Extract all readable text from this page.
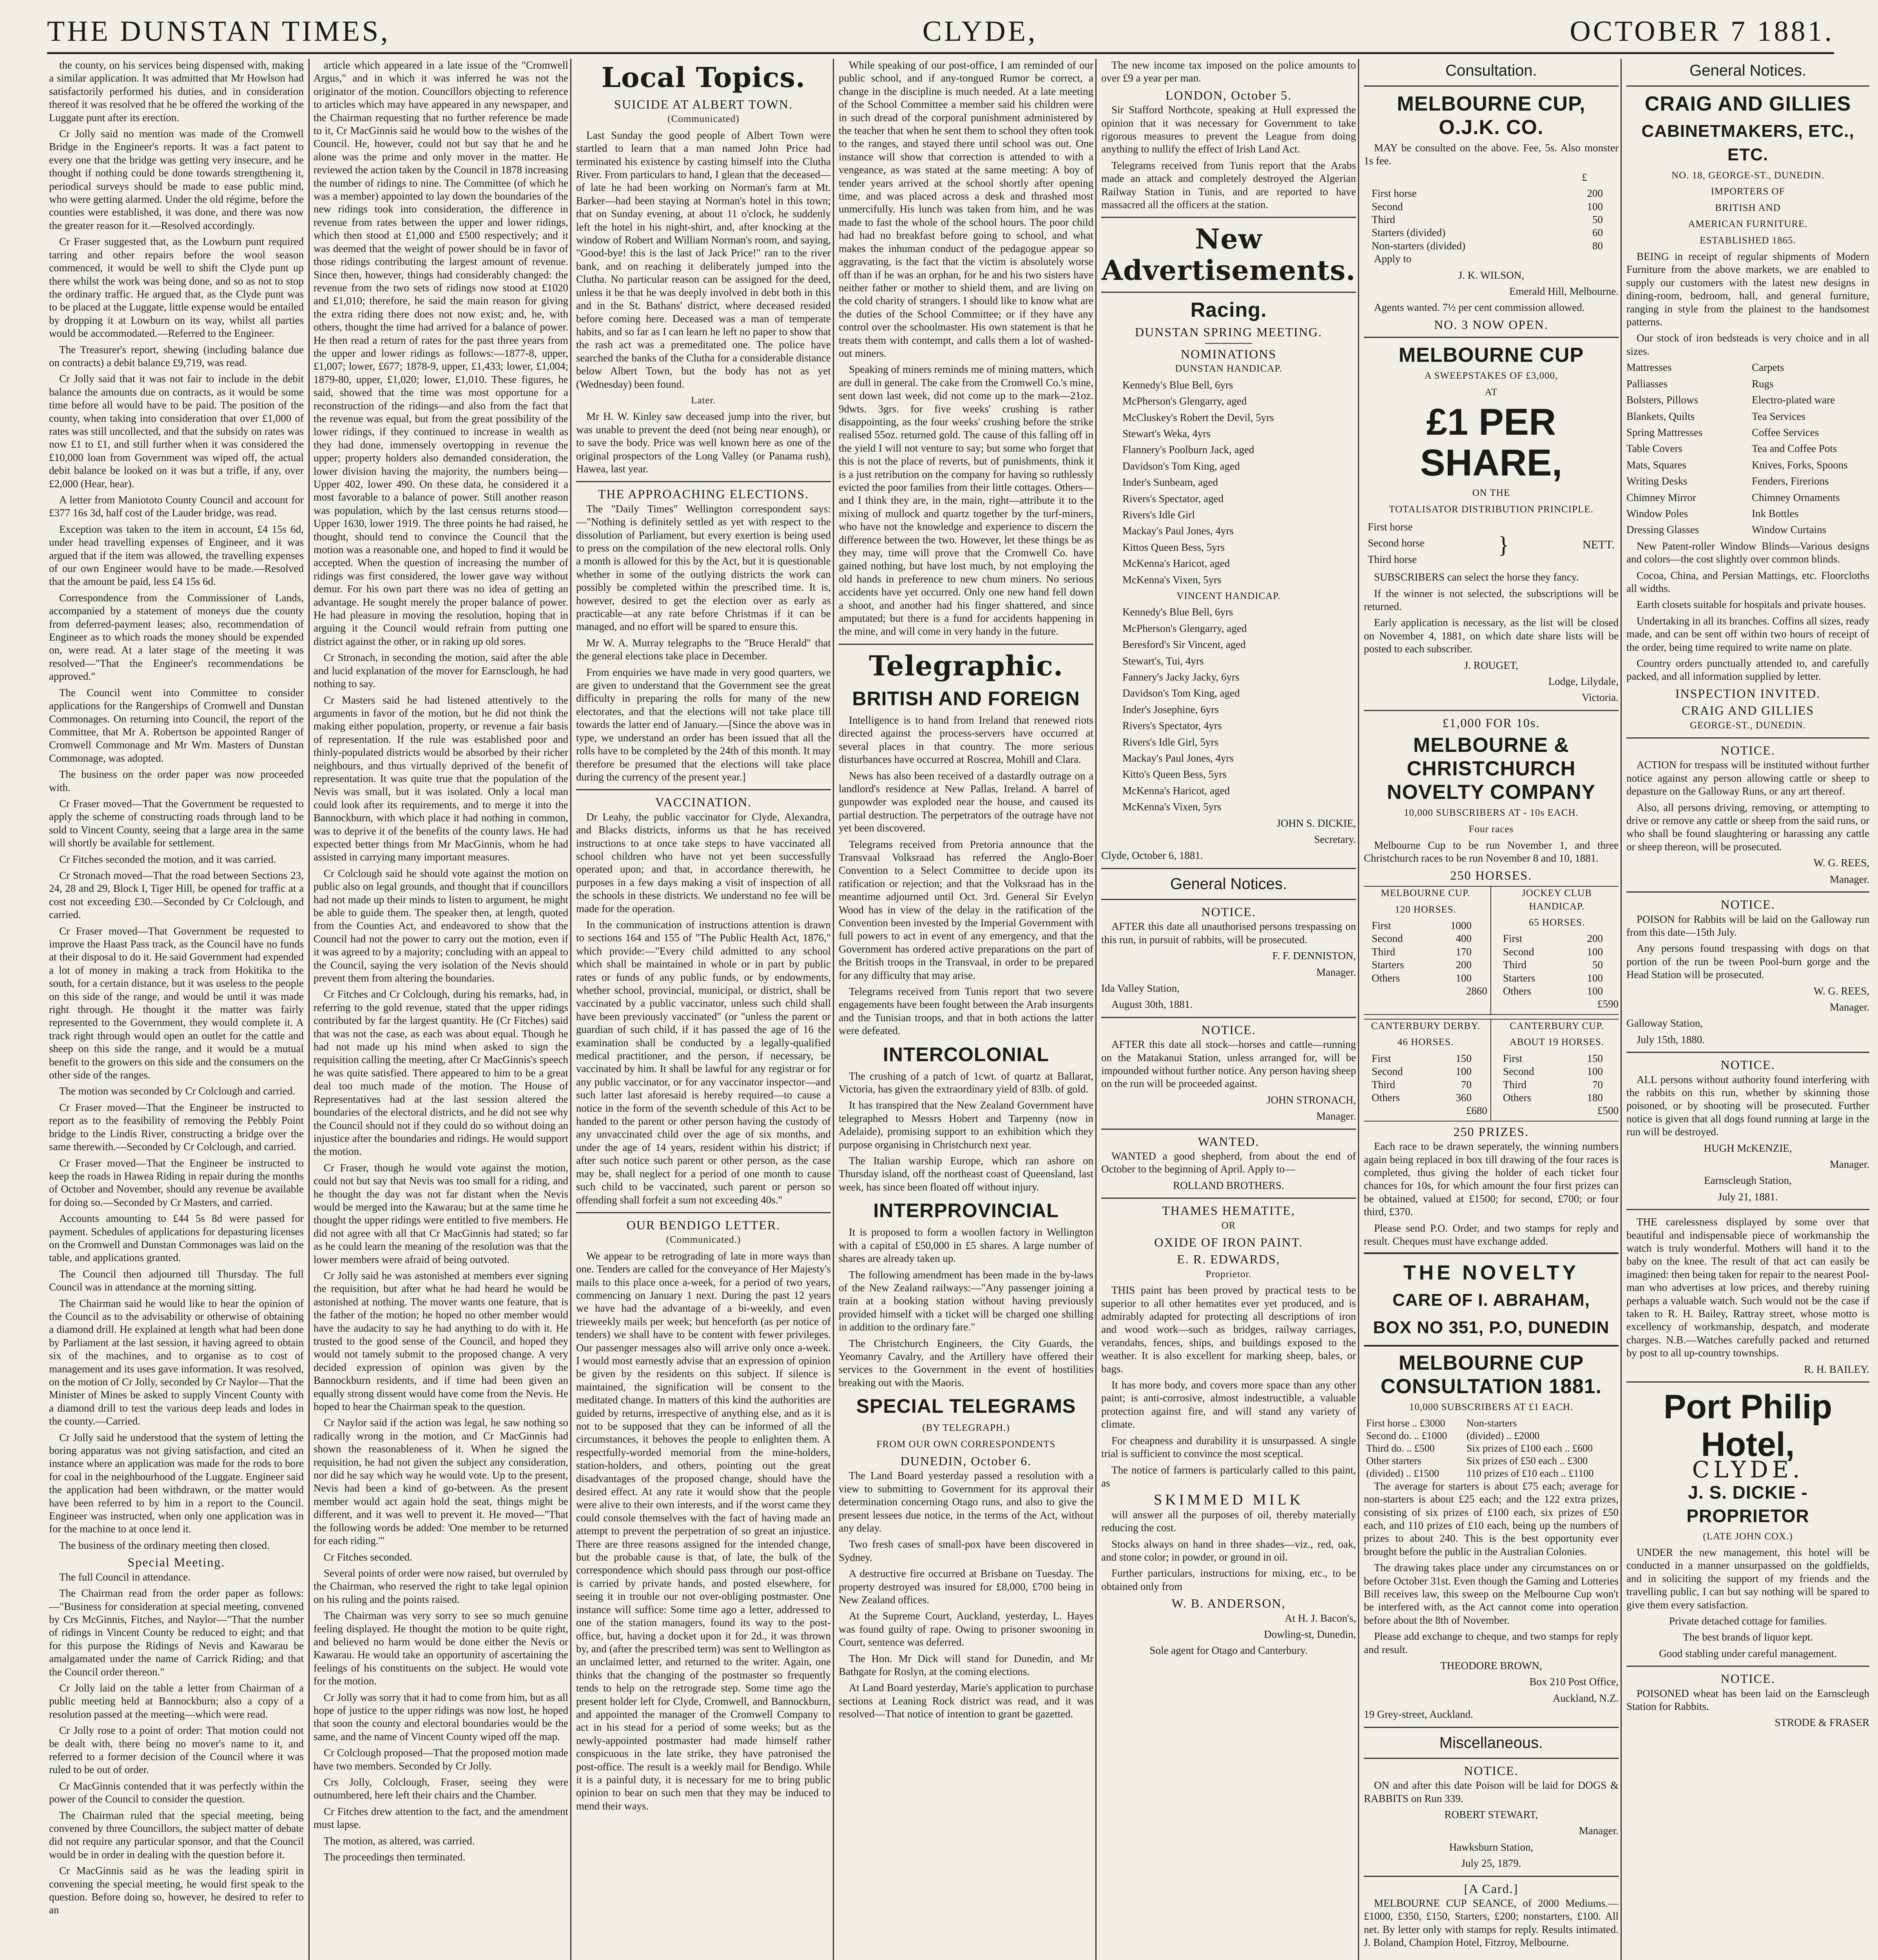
THE DUNSTAN TIMES,	CLYDE,	OCTOBER 7 1881.

the county, on his services being dispensed with, making a similar application. It was admitted that Mr Howlson had satisfactorily performed his duties, and in consideration thereof it was resolved that he be offered the working of the Luggate punt after its erection.

Cr Jolly said no mention was made of the Cromwell Bridge in the Engineer's reports. It was a fact patent to every one that the bridge was getting very insecure, and he thought if nothing could be done towards strengthening it, periodical surveys should be made to ease public mind, who were getting alarmed. Under the old régime, before the counties were established, it was done, and there was now the greater reason for it.—Resolved accordingly.

Cr Fraser suggested that, as the Lowburn punt required tarring and other repairs before the wool season commenced, it would be well to shift the Clyde punt up there whilst the work was being done, and so as not to stop the ordinary traffic. He argued that, as the Clyde punt was to be placed at the Luggate, little expense would be entailed by dropping it at Lowburn on its way, whilst all parties would be accommodated.—Referred to the Engineer.

The Treasurer's report, shewing (including balance due on contracts) a debit balance £9,719, was read.

Cr Jolly said that it was not fair to include in the debit balance the amounts due on contracts, as it would be some time before all would have to be paid. The position of the county, when taking into consideration that over £1,000 of rates was still uncollected, and that the subsidy on rates was now £1 to £1, and still further when it was considered the £10,000 loan from Government was wiped off, the actual debit balance be looked on it was but a trifle, if any, over £2,000 (Hear, hear).

A letter from Maniototo County Council and account for £377 16s 3d, half cost of the Lauder bridge, was read.

Exception was taken to the item in account, £4 15s 6d, under head travelling expenses of Engineer, and it was argued that if the item was allowed, the travelling expenses of our own Engineer would have to be made.—Resolved that the amount be paid, less £4 15s 6d.

Correspondence from the Commissioner of Lands, accompanied by a statement of moneys due the county from deferred-payment leases; also, recommendation of Engineer as to which roads the money should be expended on, were read. At a later stage of the meeting it was resolved—"That the Engineer's recommendations be approved."

The Council went into Committee to consider applications for the Rangerships of Cromwell and Dunstan Commonages. On returning into Council, the report of the Committee, that Mr A. Robertson be appointed Ranger of Cromwell Commonage and Mr Wm. Masters of Dunstan Commonage, was adopted.

The business on the order paper was now proceeded with.

Cr Fraser moved—That the Government be requested to apply the scheme of constructing roads through land to be sold to Vincent County, seeing that a large area in the same will shortly be available for settlement.

Cr Fitches seconded the motion, and it was carried.

Cr Stronach moved—That the road between Sections 23, 24, 28 and 29, Block I, Tiger Hill, be opened for traffic at a cost not exceeding £30.—Seconded by Cr Colclough, and carried.

Cr Fraser moved—That Government be requested to improve the Haast Pass track, as the Council have no funds at their disposal to do it. He said Government had expended a lot of money in making a track from Hokitika to the south, for a certain distance, but it was useless to the people on this side of the range, and would be until it was made right through. He thought it the matter was fairly represented to the Government, they would complete it. A track right through would open an outlet for the cattle and sheep on this side the range, and it would be a mutual benefit to the growers on this side and the consumers on the other side of the ranges.

The motion was seconded by Cr Colclough and carried.

Cr Fraser moved—That the Engineer be instructed to report as to the feasibility of removing the Pebbly Point bridge to the Lindis River, constructing a bridge over the same therewith.—Seconded by Cr Colclough, and carried.

Cr Fraser moved—That the Engineer be instructed to keep the roads in Hawea Riding in repair during the months of October and November, should any revenue be available for doing so.—Seconded by Cr Masters, and carried.

Accounts amounting to £44 5s 8d were passed for payment. Schedules of applications for depasturing licenses on the Cromwell and Dunstan Commonages was laid on the table, and applications granted.

The Council then adjourned till Thursday. The full Council was in attendance at the morning sitting.

The Chairman said he would like to hear the opinion of the Council as to the advisability or otherwise of obtaining a diamond drill. He explained at length what had been done by Parliament at the last session, it having agreed to obtain six of the machines, and to organise as to cost of management and its uses gave information. It was resolved, on the motion of Cr Jolly, seconded by Cr Naylor—That the Minister of Mines be asked to supply Vincent County with a diamond drill to test the various deep leads and lodes in the county.—Carried.

Cr Jolly said he understood that the system of letting the boring apparatus was not giving satisfaction, and cited an instance where an application was made for the rods to bore for coal in the neighbourhood of the Luggate. Engineer said the application had been withdrawn, or the matter would have been referred to by him in a report to the Council. Engineer was instructed, when only one application was in for the machine to at once lend it.

The business of the ordinary meeting then closed.

Special Meeting.

The full Council in attendance.

The Chairman read from the order paper as follows:—"Business for consideration at special meeting, convened by Crs McGinnis, Fitches, and Naylor—"That the number of ridings in Vincent County be reduced to eight; and that for this purpose the Ridings of Nevis and Kawarau be amalgamated under the name of Carrick Riding; and that the Council order thereon."

Cr Jolly laid on the table a letter from Chairman of a public meeting held at Bannockburn; also a copy of a resolution passed at the meeting—which were read.

Cr Jolly rose to a point of order: That motion could not be dealt with, there being no mover's name to it, and referred to a former decision of the Council where it was ruled to be out of order.

Cr MacGinnis contended that it was perfectly within the power of the Council to consider the question.

The Chairman ruled that the special meeting, being convened by three Councillors, the subject matter of debate did not require any particular sponsor, and that the Council would be in order in dealing with the question before it.

Cr MacGinnis said as he was the leading spirit in convening the special meeting, he would first speak to the question. Before doing so, however, he desired to refer to an

article which appeared in a late issue of the "Cromwell Argus," and in which it was inferred he was not the originator of the motion. Councillors objecting to reference to articles which may have appeared in any newspaper, and the Chairman requesting that no further reference be made to it, Cr MacGinnis said he would bow to the wishes of the Council. He, however, could not but say that he and he alone was the prime and only mover in the matter. He reviewed the action taken by the Council in 1878 increasing the number of ridings to nine. The Committee (of which he was a member) appointed to lay down the boundaries of the new ridings took into consideration, the difference in revenue from rates between the upper and lower ridings, which then stood at £1,000 and £500 respectively; and it was deemed that the weight of power should be in favor of those ridings contributing the largest amount of revenue. Since then, however, things had considerably changed: the revenue from the two sets of ridings now stood at £1020 and £1,010; therefore, he said the main reason for giving the extra riding there does not now exist; and, he, with others, thought the time had arrived for a balance of power. He then read a return of rates for the past three years from the upper and lower ridings as follows:—1877-8, upper, £1,007; lower, £677; 1878-9, upper, £1,433; lower, £1,004; 1879-80, upper, £1,020; lower, £1,010. These figures, he said, showed that the time was most opportune for a reconstruction of the ridings—and also from the fact that the revenue was equal, but from the great possibility of the lower ridings, if they continued to increase in wealth as they had done, immensely overtopping in revenue the upper; property holders also demanded consideration, the lower division having the majority, the numbers being—Upper 402, lower 490. On these data, he considered it a most favorable to a balance of power. Still another reason was population, which by the last census returns stood—Upper 1630, lower 1919. The three points he had raised, he thought, should tend to convince the Council that the motion was a reasonable one, and hoped to find it would be accepted. When the question of increasing the number of ridings was first considered, the lower gave way without demur. For his own part there was no idea of getting an advantage. He sought merely the proper balance of power. He had pleasure in moving the resolution, hoping that in arguing it the Council would refrain from putting one district against the other, or in raking up old sores.

Cr Stronach, in seconding the motion, said after the able and lucid explanation of the mover for Earnsclough, he had nothing to say.

Cr Masters said he had listened attentively to the arguments in favor of the motion, but he did not think the making either population, property, or revenue a fair basis of representation. If the rule was established poor and thinly-populated districts would be absorbed by their richer neighbours, and thus virtually deprived of the benefit of representation. It was quite true that the population of the Nevis was small, but it was isolated. Only a local man could look after its requirements, and to merge it into the Bannockburn, with which place it had nothing in common, was to deprive it of the benefits of the county laws. He had expected better things from Mr MacGinnis, whom he had assisted in carrying many important measures.

Cr Colclough said he should vote against the motion on public also on legal grounds, and thought that if councillors had not made up their minds to listen to argument, he might be able to guide them. The speaker then, at length, quoted from the Counties Act, and endeavored to show that the Council had not the power to carry out the motion, even if it was agreed to by a majority; concluding with an appeal to the Council, saying the very isolation of the Nevis should prevent them from altering the boundaries.

Cr Fitches and Cr Colclough, during his remarks, had, in referring to the gold revenue, stated that the upper ridings contributed by far the largest quantity. He (Cr Fitches) said that was not the case, as each was about equal. Though he had not made up his mind when asked to sign the requisition calling the meeting, after Cr MacGinnis's speech he was quite satisfied. There appeared to him to be a great deal too much made of the motion. The House of Representatives had at the last session altered the boundaries of the electoral districts, and he did not see why the Council should not if they could do so without doing an injustice after the boundaries and ridings. He would support the motion.

Cr Fraser, though he would vote against the motion, could not but say that Nevis was too small for a riding, and he thought the day was not far distant when the Nevis would be merged into the Kawarau; but at the same time he thought the upper ridings were entitled to five members. He did not agree with all that Cr MacGinnis had stated; so far as he could learn the meaning of the resolution was that the lower members were afraid of being outvoted.

Cr Jolly said he was astonished at members ever signing the requisition, but after what he had heard he would be astonished at nothing. The mover wants one feature, that is the father of the motion; he hoped no other member would have the audacity to say he had anything to do with it. He trusted to the good sense of the Council, and hoped they would not tamely submit to the proposed change. A very decided expression of opinion was given by the Bannockburn residents, and if time had been given an equally strong dissent would have come from the Nevis. He hoped to hear the Chairman speak to the question.

Cr Naylor said if the action was legal, he saw nothing so radically wrong in the motion, and Cr MacGinnis had shown the reasonableness of it. When he signed the requisition, he had not given the subject any consideration, nor did he say which way he would vote. Up to the present, Nevis had been a kind of go-between. As the present member would act again hold the seat, things might be different, and it was well to prevent it. He moved—"That the following words be added: 'One member to be returned for each riding.'"

Cr Fitches seconded.

Several points of order were now raised, but overruled by the Chairman, who reserved the right to take legal opinion on his ruling and the points raised.

The Chairman was very sorry to see so much genuine feeling displayed. He thought the motion to be quite right, and believed no harm would be done either the Nevis or Kawarau. He would take an opportunity of ascertaining the feelings of his constituents on the subject. He would vote for the motion.

Cr Jolly was sorry that it had to come from him, but as all hope of justice to the upper ridings was now lost, he hoped that soon the county and electoral boundaries would be the same, and the name of Vincent County wiped off the map.

Cr Colclough proposed—That the proposed motion made have two members. Seconded by Cr Jolly.

Crs Jolly, Colclough, Fraser, seeing they were outnumbered, here left their chairs and the Chamber.

Cr Fitches drew attention to the fact, and the amendment must lapse.

The motion, as altered, was carried.

The proceedings then terminated.

Local Topics.
SUICIDE AT ALBERT TOWN.
(Communicated)

Last Sunday the good people of Albert Town were startled to learn that a man named John Price had terminated his existence by casting himself into the Clutha River. From particulars to hand, I glean that the deceased—of late he had been working on Norman's farm at Mt. Barker—had been staying at Norman's hotel in this town; that on Sunday evening, at about 11 o'clock, he suddenly left the hotel in his night-shirt, and, after knocking at the window of Robert and William Norman's room, and saying, "Good-bye! this is the last of Jack Price!" ran to the river bank, and on reaching it deliberately jumped into the Clutha. No particular reason can be assigned for the deed, unless it be that he was deeply involved in debt both in this and in the St. Bathans' district, where deceased resided before coming here. Deceased was a man of temperate habits, and so far as I can learn he left no paper to show that the rash act was a premeditated one. The police have searched the banks of the Clutha for a considerable distance below Albert Town, but the body has not as yet (Wednesday) been found.

Later.

Mr H. W. Kinley saw deceased jump into the river, but was unable to prevent the deed (not being near enough), or to save the body. Price was well known here as one of the original prospectors of the Long Valley (or Panama rush), Hawea, last year.

THE APPROACHING ELECTIONS.

The "Daily Times" Wellington correspondent says:—"Nothing is definitely settled as yet with respect to the dissolution of Parliament, but every exertion is being used to press on the compilation of the new electoral rolls. Only a month is allowed for this by the Act, but it is questionable whether in some of the outlying districts the work can possibly be completed within the prescribed time. It is, however, desired to get the election over as early as practicable—at any rate before Christmas if it can be managed, and no effort will be spared to ensure this.

Mr W. A. Murray telegraphs to the "Bruce Herald" that the general elections take place in December.

From enquiries we have made in very good quarters, we are given to understand that the Government see the great difficulty in preparing the rolls for many of the new electorates, and that the elections will not take place till towards the latter end of January.—[Since the above was in type, we understand an order has been issued that all the rolls have to be completed by the 24th of this month. It may therefore be presumed that the elections will take place during the currency of the present year.]

VACCINATION.

Dr Leahy, the public vaccinator for Clyde, Alexandra, and Blacks districts, informs us that he has received instructions to at once take steps to have vaccinated all school children who have not yet been successfully operated upon; and that, in accordance therewith, he purposes in a few days making a visit of inspection of all the schools in these districts. We understand no fee will be made for the operation.

In the communication of instructions attention is drawn to sections 164 and 155 of "The Public Health Act, 1876," which provide:—"Every child admitted to any school which shall be maintained in whole or in part by public rates or funds of any public funds, or by endowments, whether school, provincial, municipal, or district, shall be vaccinated by a public vaccinator, unless such child shall have been previously vaccinated" (or "unless the parent or guardian of such child, if it has passed the age of 16 the examination shall be conducted by a legally-qualified medical practitioner, and the person, if necessary, be vaccinated by him. It shall be lawful for any registrar or for any public vaccinator, or for any vaccinator inspector—and such latter last aforesaid is hereby required—to cause a notice in the form of the seventh schedule of this Act to be handed to the parent or other person having the custody of any unvaccinated child over the age of six months, and under the age of 14 years, resident within his district; if after such notice such parent or other person, as the case may be, shall neglect for a period of one month to cause such child to be vaccinated, such parent or person so offending shall forfeit a sum not exceeding 40s."

OUR BENDIGO LETTER.
(Communicated.)

We appear to be retrograding of late in more ways than one. Tenders are called for the conveyance of Her Majesty's mails to this place once a-week, for a period of two years, commencing on January 1 next. During the past 12 years we have had the advantage of a bi-weekly, and even trieweekly mails per week; but henceforth (as per notice of tenders) we shall have to be content with fewer privileges. Our passenger messages also will arrive only once a-week. I would most earnestly advise that an expression of opinion be given by the residents on this subject. If silence is maintained, the signification will be consent to the meditated change. In matters of this kind the authorities are guided by returns, irrespective of anything else, and as it is not to be supposed that they can be informed of all the circumstances, it behoves the people to enlighten them. A respectfully-worded memorial from the mine-holders, station-holders, and others, pointing out the great disadvantages of the proposed change, should have the desired effect. At any rate it would show that the people were alive to their own interests, and if the worst came they could console themselves with the fact of having made an attempt to prevent the perpetration of so great an injustice. There are three reasons assigned for the intended change, but the probable cause is that, of late, the bulk of the correspondence which should pass through our post-office is carried by private hands, and posted elsewhere, for seeing it in trouble our not over-obliging postmaster. One instance will suffice: Some time ago a letter, addressed to one of the station managers, found its way to the post-office, but, having a docket upon it for 2d., it was thrown by, and (after the prescribed term) was sent to Wellington as an unclaimed letter, and returned to the writer. Again, one thinks that the changing of the postmaster so frequently tends to help on the retrograde step. Some time ago the present holder left for Clyde, Cromwell, and Bannockburn, and appointed the manager of the Cromwell Company to act in his stead for a period of some weeks; but as the newly-appointed postmaster had made himself rather conspicuous in the late strike, they have patronised the post-office. The result is a weekly mail for Bendigo. While it is a painful duty, it is necessary for me to bring public opinion to bear on such men that they may be induced to mend their ways.

While speaking of our post-office, I am reminded of our public school, and if any-tongued Rumor be correct, a change in the discipline is much needed. At a late meeting of the School Committee a member said his children were in such dread of the corporal punishment administered by the teacher that when he sent them to school they often took to the ranges, and stayed there until school was out. One instance will show that correction is attended to with a vengeance, as was stated at the same meeting: A boy of tender years arrived at the school shortly after opening time, and was placed across a desk and thrashed most unmercifully. His lunch was taken from him, and he was made to fast the whole of the school hours. The poor child had had no breakfast before going to school, and what makes the inhuman conduct of the pedagogue appear so aggravating, is the fact that the victim is absolutely worse off than if he was an orphan, for he and his two sisters have neither father or mother to shield them, and are living on the cold charity of strangers. I should like to know what are the duties of the School Committee; or if they have any control over the schoolmaster. His own statement is that he treats them with contempt, and calls them a lot of washed-out miners.

Speaking of miners reminds me of mining matters, which are dull in general. The cake from the Cromwell Co.'s mine, sent down last week, did not come up to the mark—21oz. 9dwts. 3grs. for five weeks' crushing is rather disappointing, as the four weeks' crushing before the strike realised 55oz. returned gold. The cause of this falling off in the yield I will not venture to say; but some who forget that this is not the place of reverts, but of punishments, think it is a just retribution on the company for having so ruthlessly evicted the poor families from their little cottages. Others—and I think they are, in the main, right—attribute it to the mixing of mullock and quartz together by the turf-miners, who have not the knowledge and experience to discern the difference between the two. However, let these things be as they may, time will prove that the Cromwell Co. have gained nothing, but have lost much, by not employing the old hands in preference to new chum miners. No serious accidents have yet occurred. Only one new hand fell down a shoot, and another had his finger shattered, and since amputated; but there is a fund for accidents happening in the mine, and will come in very handy in the future.

Telegraphic.
BRITISH AND FOREIGN

Intelligence is to hand from Ireland that renewed riots directed against the process-servers have occurred at several places in that country. The more serious disturbances have occurred at Roscrea, Mohill and Clara.

News has also been received of a dastardly outrage on a landlord's residence at New Pallas, Ireland. A barrel of gunpowder was exploded near the house, and caused its partial destruction. The perpetrators of the outrage have not yet been discovered.

Telegrams received from Pretoria announce that the Transvaal Volksraad has referred the Anglo-Boer Convention to a Select Committee to decide upon its ratification or rejection; and that the Volksraad has in the meantime adjourned until Oct. 3rd. General Sir Evelyn Wood has in view of the delay in the ratification of the Convention been invested by the Imperial Government with full powers to act in event of any emergency, and that the Government has ordered active preparations on the part of the British troops in the Transvaal, in order to be prepared for any difficulty that may arise.

Telegrams received from Tunis report that two severe engagements have been fought between the Arab insurgents and the Tunisian troops, and that in both actions the latter were defeated.

INTERCOLONIAL

The crushing of a patch of 1cwt. of quartz at Ballarat, Victoria, has given the extraordinary yield of 83lb. of gold.

It has transpired that the New Zealand Government have telegraphed to Messrs Hobert and Tarpenny (now in Adelaide), promising support to an exhibition which they purpose organising in Christchurch next year.

The Italian warship Europe, which ran ashore on Thursday island, off the northeast coast of Queensland, last week, has since been floated off without injury.

INTERPROVINCIAL

It is proposed to form a woollen factory in Wellington with a capital of £50,000 in £5 shares. A large number of shares are already taken up.

The following amendment has been made in the by-laws of the New Zealand railways:—"Any passenger joining a train at a booking station without having previously provided himself with a ticket will be charged one shilling in addition to the ordinary fare."

The Christchurch Engineers, the City Guards, the Yeomanry Cavalry, and the Artillery have offered their services to the Government in the event of hostilities breaking out with the Maoris.

SPECIAL TELEGRAMS
(BY TELEGRAPH.)
FROM OUR OWN CORRESPONDENTS
DUNEDIN, October 6.

The Land Board yesterday passed a resolution with a view to submitting to Government for its approval their determination concerning Otago runs, and also to give the present lessees due notice, in the terms of the Act, without any delay.

Two fresh cases of small-pox have been discovered in Sydney.

A destructive fire occurred at Brisbane on Tuesday. The property destroyed was insured for £8,000, £700 being in New Zealand offices.

At the Supreme Court, Auckland, yesterday, L. Hayes was found guilty of rape. Owing to prisoner swooning in Court, sentence was deferred.

The Hon. Mr Dick will stand for Dunedin, and Mr Bathgate for Roslyn, at the coming elections.

At Land Board yesterday, Marie's application to purchase sections at Leaning Rock district was read, and it was resolved—That notice of intention to grant be gazetted.

The new income tax imposed on the police amounts to over £9 a year per man.

LONDON, October 5.

Sir Stafford Northcote, speaking at Hull expressed the opinion that it was necessary for Government to take rigorous measures to prevent the League from doing anything to nullify the effect of Irish Land Act.

Telegrams received from Tunis report that the Arabs made an attack and completely destroyed the Algerian Railway Station in Tunis, and are reported to have massacred all the officers at the station.

New Advertisements.
Racing.
DUNSTAN SPRING MEETING.
NOMINATIONS
DUNSTAN HANDICAP.

Kennedy's Blue Bell, 6yrs

McPherson's Glengarry, aged

McCluskey's Robert the Devil, 5yrs

Stewart's Weka, 4yrs

Flannery's Poolburn Jack, aged

Davidson's Tom King, aged

Inder's Sunbeam, aged

Rivers's Spectator, aged

Rivers's Idle Girl

Mackay's Paul Jones, 4yrs

Kittos Queen Bess, 5yrs

McKenna's Haricot, aged

McKenna's Vixen, 5yrs

VINCENT HANDICAP.

Kennedy's Blue Bell, 6yrs

McPherson's Glengarry, aged

Beresford's Sir Vincent, aged

Stewart's, Tui, 4yrs

Fannery's Jacky Jacky, 6yrs

Davidson's Tom King, aged

Inder's Josephine, 6yrs

Rivers's Spectator, 4yrs

Rivers's Idle Girl, 5yrs

Mackay's Paul Jones, 4yrs

Kitto's Queen Bess, 5yrs

McKenna's Haricot, aged

McKenna's Vixen, 5yrs

JOHN S. DICKIE,

Secretary.

Clyde, October 6, 1881.

General Notices.
NOTICE.

AFTER this date all unauthorised persons trespassing on this run, in pursuit of rabbits, will be prosecuted.

F. F. DENNISTON,

Manager.

Ida Valley Station,

August 30th, 1881.

NOTICE.

AFTER this date all stock—horses and cattle—running on the Matakanui Station, unless arranged for, will be impounded without further notice. Any person having sheep on the run will be proceeded against.

JOHN STRONACH,

Manager.

WANTED.

WANTED a good shepherd, from about the end of October to the beginning of April. Apply to—

ROLLAND BROTHERS.

THAMES HEMATITE,
OR
OXIDE OF IRON PAINT.
E. R. EDWARDS,
Proprietor.

THIS paint has been proved by practical tests to be superior to all other hematites ever yet produced, and is admirably adapted for protecting all descriptions of iron and wood work—such as bridges, railway carriages, verandahs, fences, ships, and buildings exposed to the weather. It is also excellent for marking sheep, bales, or bags.

It has more body, and covers more space than any other paint; is anti-corrosive, almost indestructible, a valuable protection against fire, and will stand any variety of climate.

For cheapness and durability it is unsurpassed. A single trial is sufficient to convince the most sceptical.

The notice of farmers is particularly called to this paint, as

SKIMMED MILK

will answer all the purposes of oil, thereby materially reducing the cost.

Stocks always on hand in three shades—viz., red, oak, and stone color; in powder, or ground in oil.

Further particulars, instructions for mixing, etc., to be obtained only from

W. B. ANDERSON,

At H. J. Bacon's,

Dowling-st, Dunedin,

Sole agent for Otago and Canterbury.

Consultation.
MELBOURNE CUP, O.J.K. CO.

MAY be consulted on the above. Fee, 5s. Also monster 1s fee.

£

First horse	200
Second	100
Third	50
Starters (divided)	60
Non-starters (divided)	80

Apply to

J. K. WILSON,

Emerald Hill, Melbourne.

Agents wanted. 7½ per cent commission allowed.

NO. 3 NOW OPEN.
MELBOURNE CUP
A SWEEPSTAKES OF £3,000,
AT
£1 PER SHARE,
ON THE
TOTALISATOR DISTRIBUTION PRINCIPLE.

First horse

Second horse

Third horse

}	NETT.

SUBSCRIBERS can select the horse they fancy.

If the winner is not selected, the subscriptions will be returned.

Early application is necessary, as the list will be closed on November 4, 1881, on which date share lists will be posted to each subscriber.

J. ROUGET,

Lodge, Lilydale,

Victoria.

£1,000 FOR 10s.
MELBOURNE & CHRISTCHURCH NOVELTY COMPANY
10,000 SUBSCRIBERS AT - 10s EACH.
Four races

Melbourne Cup to be run November 1, and three Christchurch races to be run November 8 and 10, 1881.

250 HORSES.
MELBOURNE CUP.
120 HORSES.
First	1000
Second	400
Third	170
Starters	200
Others	100

2860

JOCKEY CLUB HANDICAP.
65 HORSES.
First	200
Second	100
Third	50
Starters	100
Others	100

£590

CANTERBURY DERBY.
46 HORSES.
First	150
Second	100
Third	70
Others	360

£680

CANTERBURY CUP.
ABOUT 19 HORSES.
First	150
Second	100
Third	70
Others	180

£500

250 PRIZES.

Each race to be drawn seperately, the winning numbers again being replaced in box till drawing of the four races is completed, thus giving the holder of each ticket four chances for 10s, for which amount the four first prizes can be obtained, valued at £1500; for second, £700; or four third, £370.

Please send P.O. Order, and two stamps for reply and result. Cheques must have exchange added.

THE NOVELTY
CARE OF I. ABRAHAM,
BOX NO 351, P.O, DUNEDIN
MELBOURNE CUP CONSULTATION 1881.
10,000 SUBSCRIBERS AT £1 EACH.
First horse .. £3000	Non-starters
Second do. .. £1000	(divided) .. £2000
Third do. .. £500	Six prizes of £100 each .. £600
Other starters	Six prizes of £50 each .. £300
(divided) .. £1500	110 prizes of £10 each .. £1100

The average for starters is about £75 each; average for non-starters is about £25 each; and the 122 extra prizes, consisting of six prizes of £100 each, six prizes of £50 each, and 110 prizes of £10 each, being up the numbers of prizes to about 240. This is the best opportunity ever brought before the public in the Australian Colonies.

The drawing takes place under any circumstances on or before October 31st. Even though the Gaming and Lotteries Bill receives law, this sweep on the Melbourne Cup won't be interfered with, as the Act cannot come into operation before about the 8th of November.

Please add exchange to cheque, and two stamps for reply and result.

THEODORE BROWN,

Box 210 Post Office,

Auckland, N.Z.

19 Grey-street, Auckland.

Miscellaneous.
NOTICE.

ON and after this date Poison will be laid for DOGS & RABBITS on Run 339.

ROBERT STEWART,

Manager.

Hawksburn Station,

July 25, 1879.

[A Card.]

MELBOURNE CUP SEANCE, of 2000 Mediums.—£1000, £350, £150, Starters, £200; nonstarters, £100. All net. By letter only with stamps for reply. Results intimated. J. Boland, Champion Hotel, Fitzroy, Melbourne.

General Notices.
CRAIG AND GILLIES
CABINETMAKERS, ETC., ETC.
NO. 18, GEORGE-ST., DUNEDIN.
IMPORTERS OF
BRITISH AND
AMERICAN FURNITURE.
ESTABLISHED 1865.

BEING in receipt of regular shipments of Modern Furniture from the above markets, we are enabled to supply our customers with the latest new designs in dining-room, bedroom, hall, and general furniture, ranging in style from the plainest to the handsomest patterns.

Our stock of iron bedsteads is very choice and in all sizes.

Mattresses

Palliasses

Bolsters, Pillows

Blankets, Quilts

Spring Mattresses

Table Covers

Mats, Squares

Writing Desks

Chimney Mirror

Window Poles

Dressing Glasses

Carpets

Rugs

Electro-plated ware

Tea Services

Coffee Services

Tea and Coffee Pots

Knives, Forks, Spoons

Fenders, Firerions

Chimney Ornaments

Ink Bottles

Window Curtains

New Patent-roller Window Blinds—Various designs and colors—the cost slightly over common blinds.

Cocoa, China, and Persian Mattings, etc. Floorcloths all widths.

Earth closets suitable for hospitals and private houses.

Undertaking in all its branches. Coffins all sizes, ready made, and can be sent off within two hours of receipt of the order, being time required to write name on plate.

Country orders punctually attended to, and carefully packed, and all information supplied by letter.

INSPECTION INVITED.
CRAIG AND GILLIES
GEORGE-ST., DUNEDIN.
NOTICE.

ACTION for trespass will be instituted without further notice against any person allowing cattle or sheep to depasture on the Galloway Runs, or any art thereof.

Also, all persons driving, removing, or attempting to drive or remove any cattle or sheep from the said runs, or who shall be found slaughtering or harassing any cattle or sheep thereon, will be prosecuted.

W. G. REES,

Manager.

NOTICE.

POISON for Rabbits will be laid on the Galloway run from this date—15th July.

Any persons found trespassing with dogs on that portion of the run be tween Pool-burn gorge and the Head Station will be prosecuted.

W. G. REES,

Manager.

Galloway Station,

July 15th, 1880.

NOTICE.

ALL persons without authority found interfering with the rabbits on this run, whether by skinning those poisoned, or by shooting will be prosecuted. Further notice is given that all dogs found running at large in the run will be destroyed.

HUGH McKENZIE,

Manager.

Earnscleugh Station,

July 21, 1881.

THE carelessness displayed by some over that beautiful and indispensable piece of workmanship the watch is truly wonderful. Mothers will hand it to the baby on the knee. The result of that act can easily be imagined: then being taken for repair to the nearest Pool-man who advertises at low prices, and thereby ruining perhaps a valuable watch. Such would not be the case if taken to R. H. Bailey, Rattray street, whose motto is excellency of workmanship, despatch, and moderate charges. N.B.—Watches carefully packed and returned by post to all up-country townships.

R. H. BAILEY.

Port Philip Hotel,
CLYDE.
J. S. DICKIE - PROPRIETOR
(LATE JOHN COX.)

UNDER the new management, this hotel will be conducted in a manner unsurpassed on the goldfields, and in soliciting the support of my friends and the travelling public, I can but say nothing will be spared to give them every satisfaction.

Private detached cottage for families.

The best brands of liquor kept.

Good stabling under careful management.

NOTICE.

POISONED wheat has been laid on the Earnscleugh Station for Rabbits.

STRODE & FRASER
